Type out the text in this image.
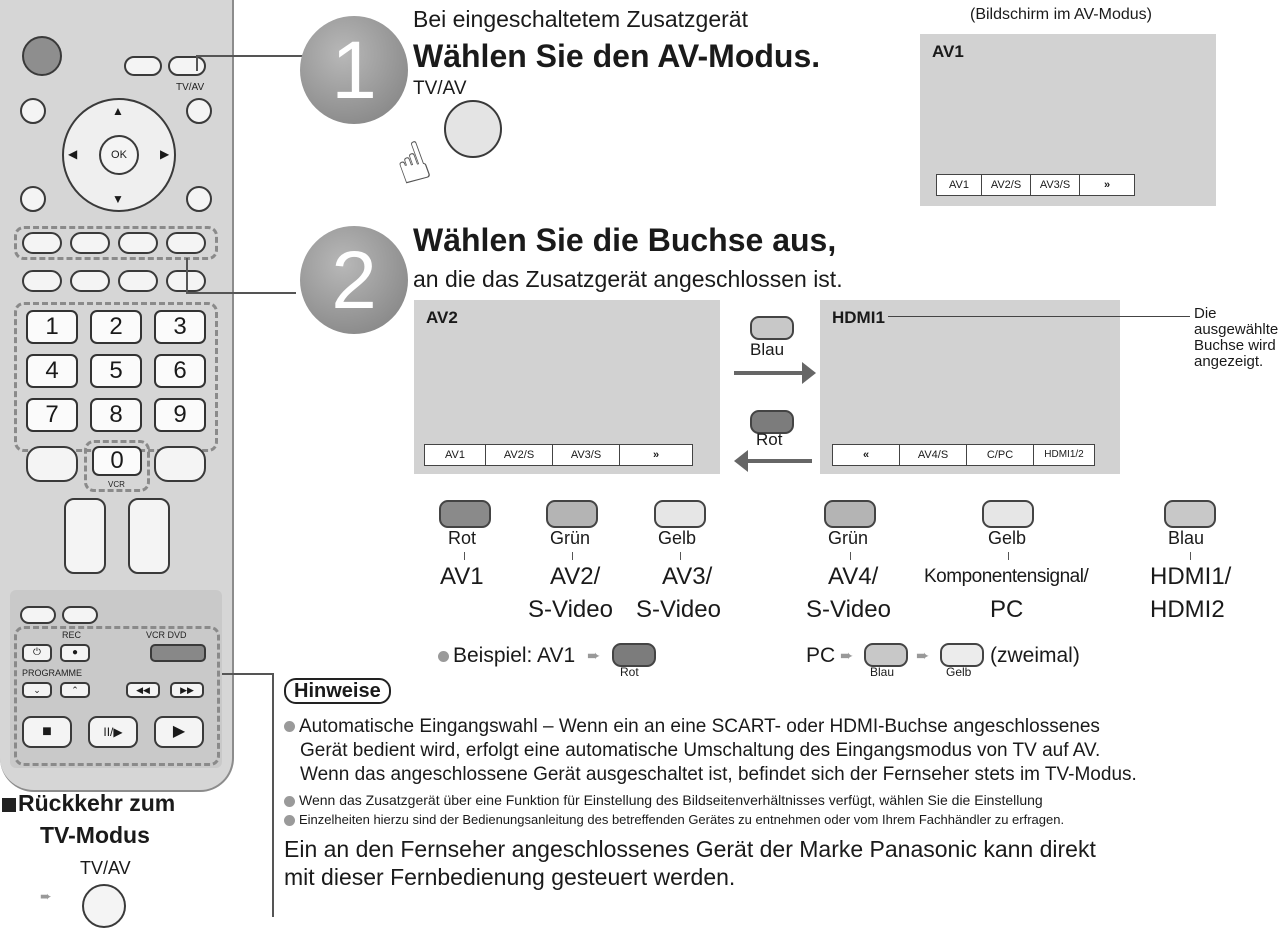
TV/AV
▲
▼
◀	▶
OK
1	2	3
4	5	6
7	8	9
0
VCR
REC	VCR DVD
⏻	●
PROGRAMME
⌄	⌃	◀◀	▶▶
■	II/▶	▶
1
Bei eingeschaltetem Zusatzgerät
Wählen Sie den AV-Modus.
TV/AV
☝
(Bildschirm im AV-Modus)
AV1
AV1	AV2/S	AV3/S	»
2	Wählen Sie die Buchse aus,
an die das Zusatzgerät angeschlossen ist.
AV2
AV1	AV2/S	AV3/S	»
HDMI1
«	AV4/S	C/PC	HDMI1/2
Blau
Rot
Die ausgewählte Buchse wird angezeigt.
Rot
AV1
Grün
AV2/
S-Video
Gelb
AV3/
S-Video
Grün
AV4/
S-Video
Gelb
Komponentensignal/
PC
Blau
HDMI1/
HDMI2
Beispiel: AV1 ➨
Rot
PC ➨
Blau
➨
Gelb
(zweimal)
Rückkehr zum
TV-Modus
TV/AV
➨
Hinweise
Automatische Eingangswahl – Wenn ein an eine SCART- oder HDMI-Buchse angeschlossenes
Gerät bedient wird, erfolgt eine automatische Umschaltung des Eingangsmodus von TV auf AV.
Wenn das angeschlossene Gerät ausgeschaltet ist, befindet sich der Fernseher stets im TV-Modus.
Wenn das Zusatzgerät über eine Funktion für Einstellung des Bildseitenverhältnisses verfügt, wählen Sie die Einstellung
Einzelheiten hierzu sind der Bedienungsanleitung des betreffenden Gerätes zu entnehmen oder vom Ihrem Fachhändler zu erfragen.
Ein an den Fernseher angeschlossenes Gerät der Marke Panasonic kann direkt
mit dieser Fernbedienung gesteuert werden.
